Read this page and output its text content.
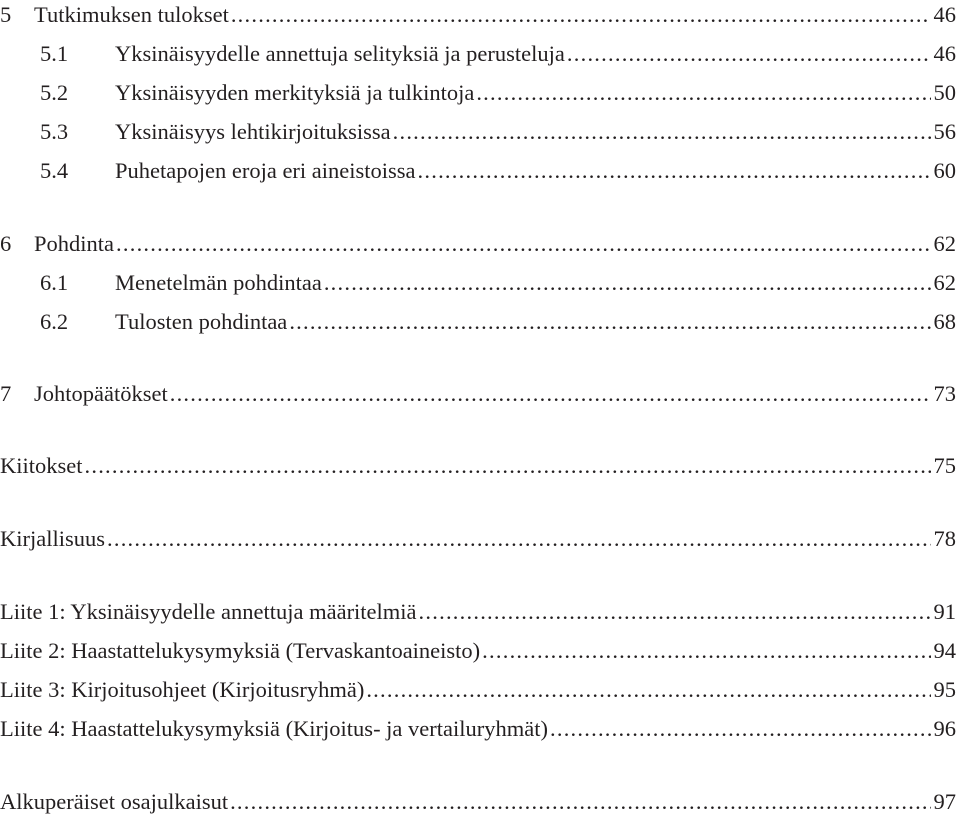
5	Tutkimuksen tulokset . . .	46
5.1	Yksinäisyydelle annettuja selityksiä ja perusteluja . . .	46
5.2	Yksinäisyyden merkityksiä ja tulkintoja . . .	50
5.3	Yksinäisyys lehtikirjoituksissa . . .	56
5.4	Puhetapojen eroja eri aineistoissa . . .	60
6	Pohdinta . . .	62
6.1	Menetelmän pohdintaa . . .	62
6.2	Tulosten pohdintaa . . .	68
7	Johtopäätökset . . .	73
Kiitokset . . .	75
Kirjallisuus . . .	78
Liite 1: Yksinäisyydelle annettuja määritelmiä . . .	91
Liite 2: Haastattelukysymyksiä (Tervaskantoaineisto) . . .	94
Liite 3: Kirjoitusohjeet (Kirjoitusryhmä) . . .	95
Liite 4: Haastattelukysymyksiä (Kirjoitus- ja vertailuryhmät) . . .	96
Alkuperäiset osajulkaisut . . .	97
